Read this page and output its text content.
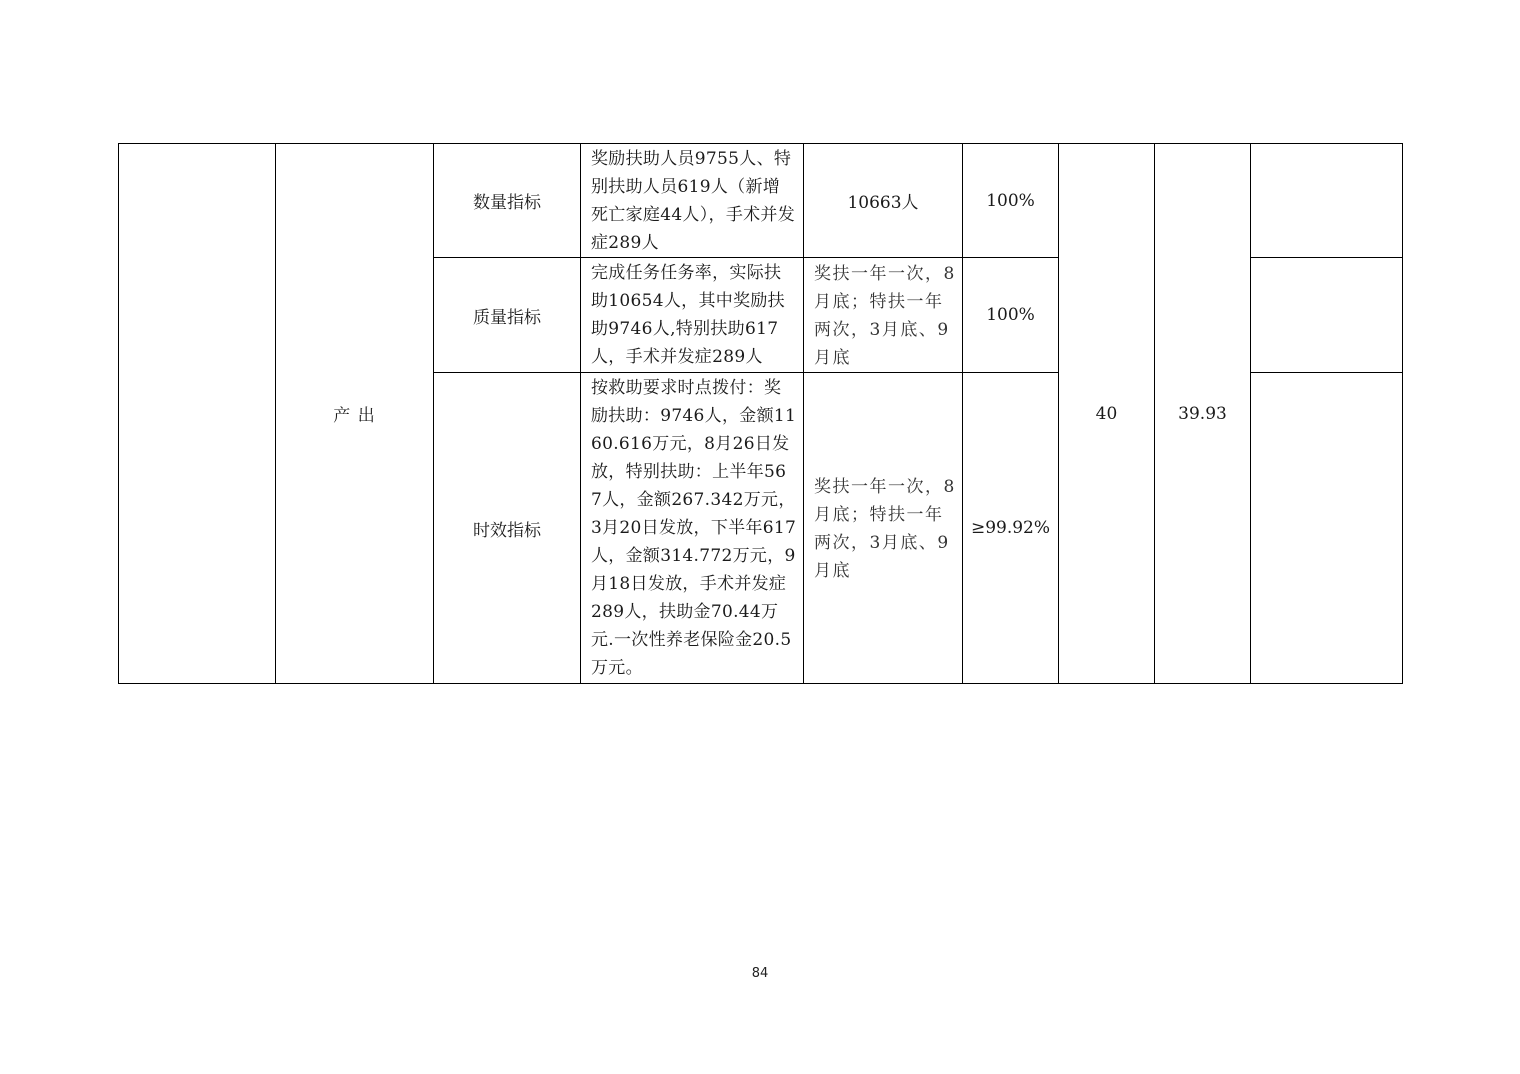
	产 出	数量指标	奖励扶助人员9755人、特别扶助人员619人（新增死亡家庭44人），手术并发症289人	10663人	100%	40	39.93	
		质量指标	完成任务任务率，实际扶助10654人，其中奖励扶助9746人,特别扶助617人，手术并发症289人	奖扶一年一次，8月底；特扶一年两次，3月底、9月底	100%			
		时效指标	按救助要求时点拨付：奖励扶助：9746人，金额1160.616万元，8月26日发放，特别扶助：上半年567人，金额267.342万元，3月20日发放，下半年617人，金额314.772万元，9月18日发放，手术并发症289人，扶助金70.44万元.一次性养老保险金20.5万元。	奖扶一年一次，8月底；特扶一年两次，3月底、9月底	≥99.92%			
84
